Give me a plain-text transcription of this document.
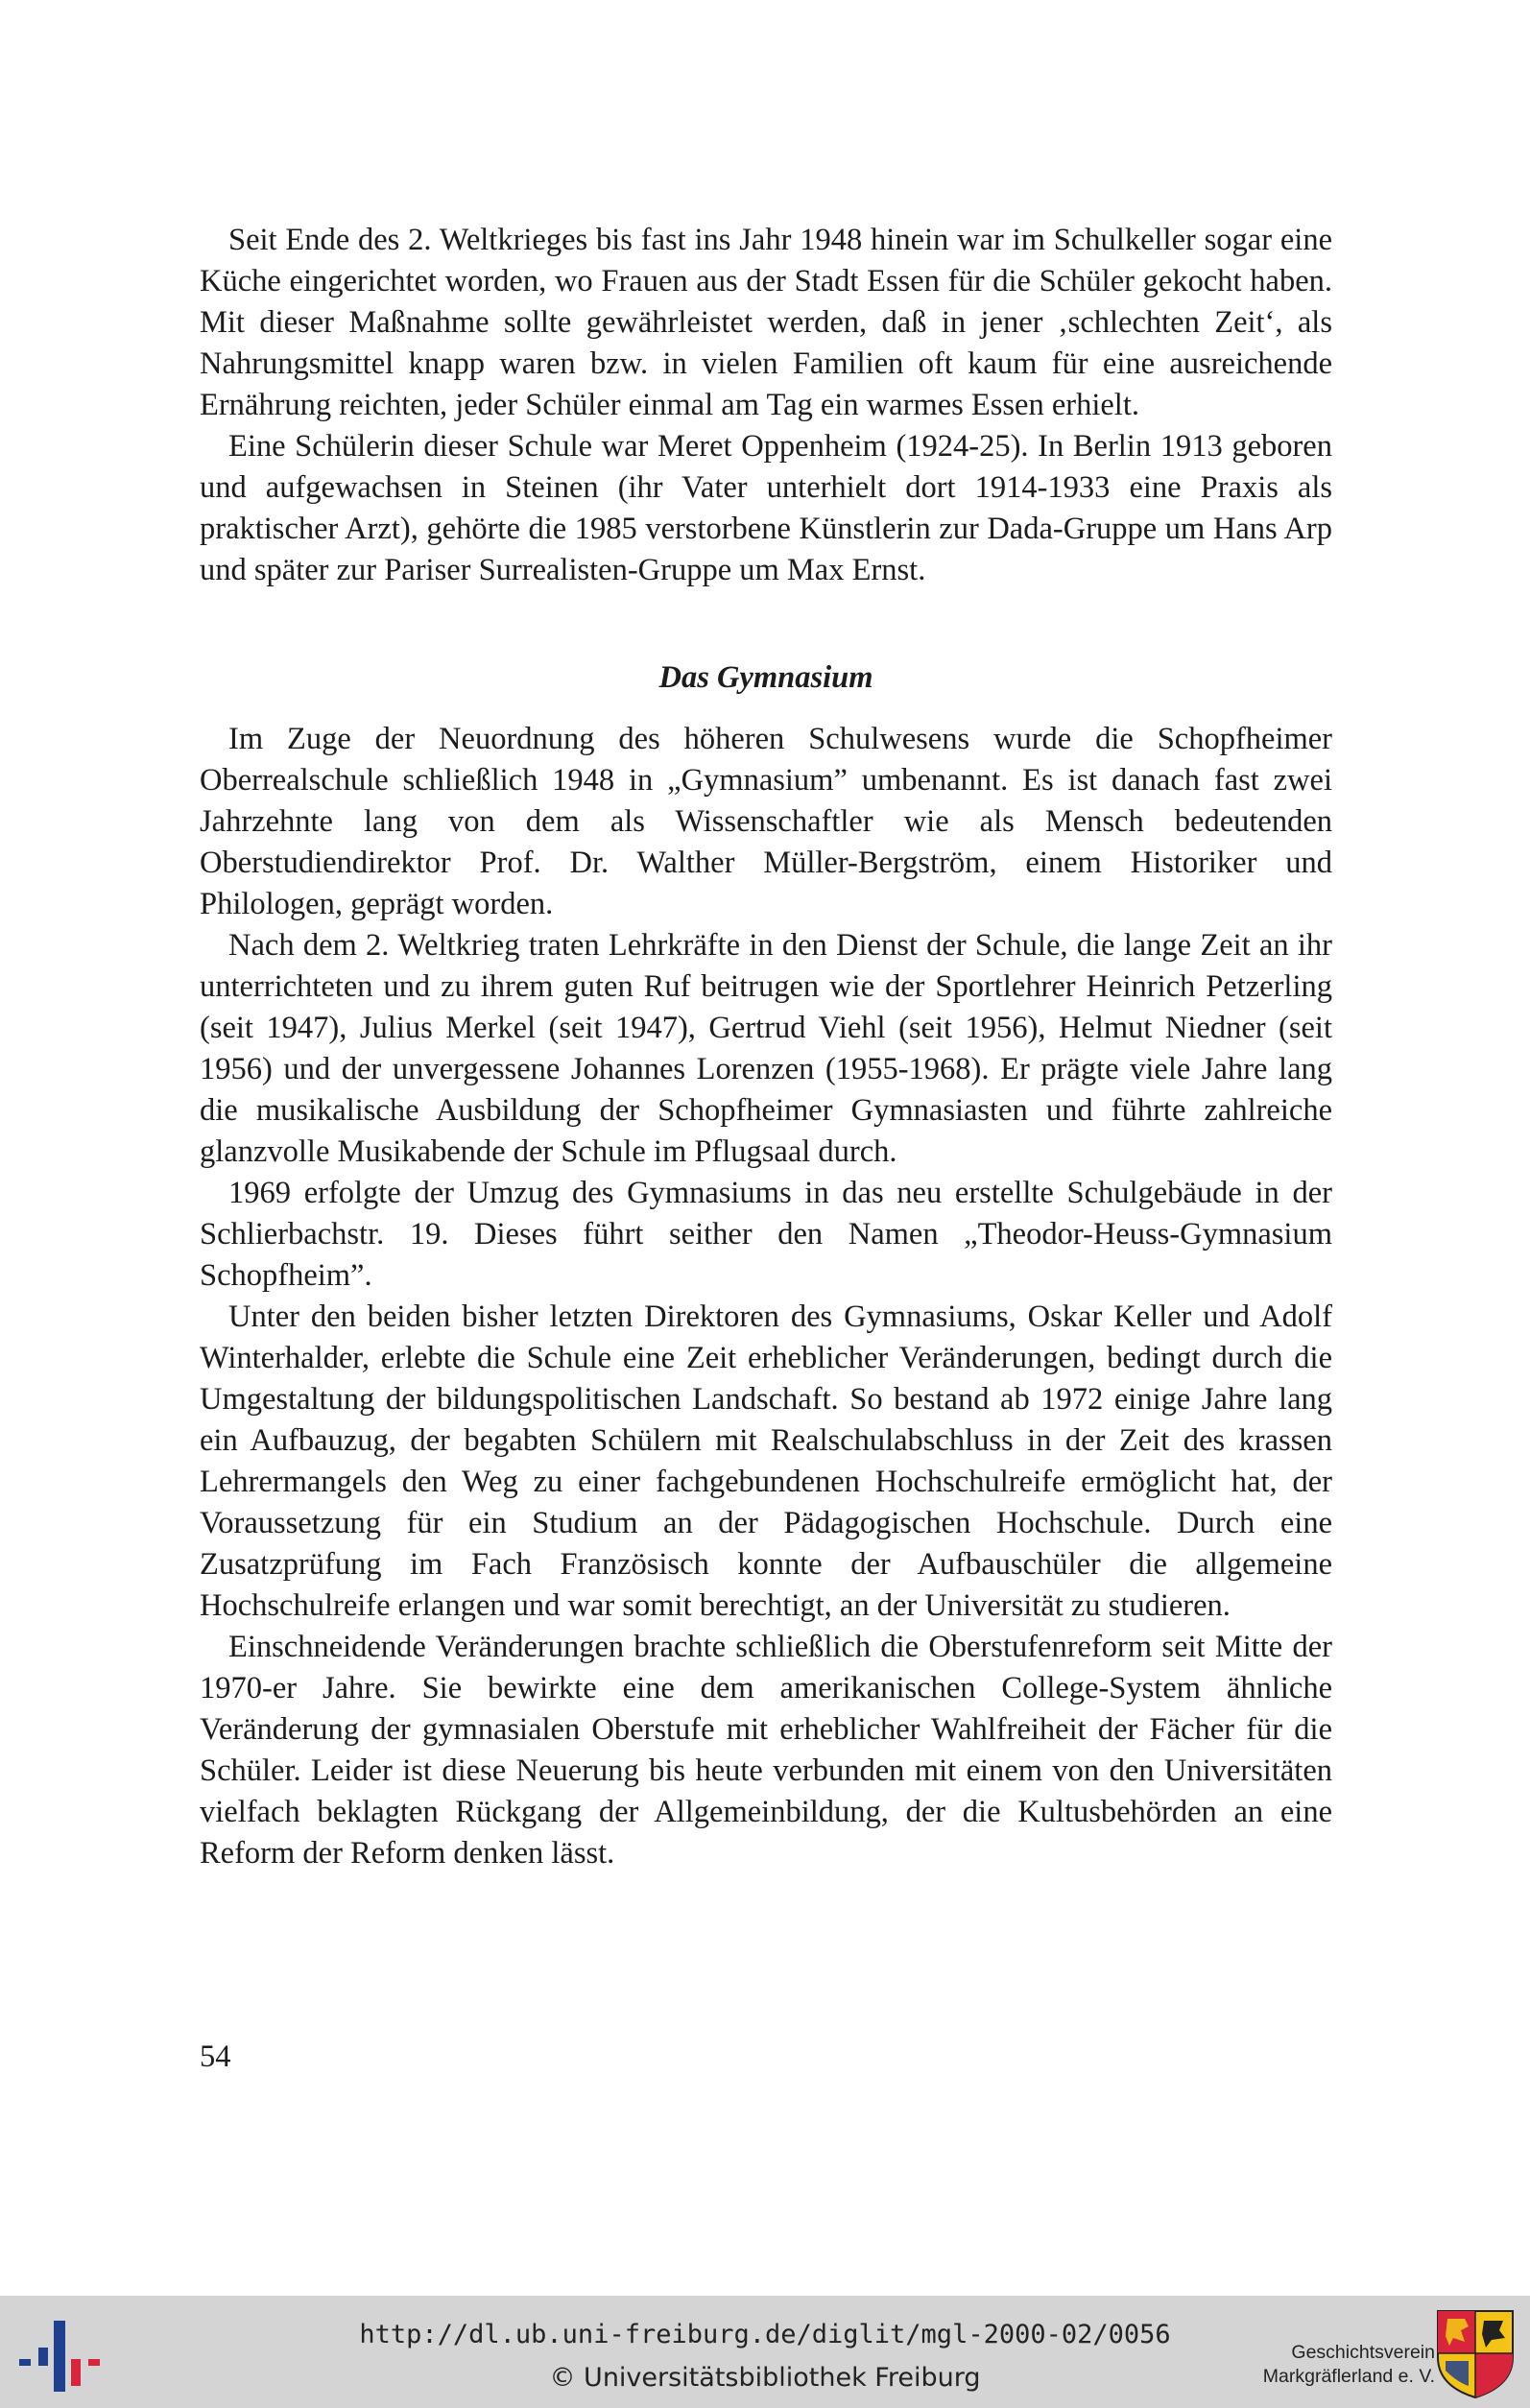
Seit Ende des 2. Weltkrieges bis fast ins Jahr 1948 hinein war im Schulkeller sogar eine Küche eingerichtet worden, wo Frauen aus der Stadt Essen für die Schüler gekocht haben. Mit dieser Maßnahme sollte gewährleistet werden, daß in jener ‚schlechten Zeit‘, als Nahrungsmittel knapp waren bzw. in vielen Familien oft kaum für eine ausreichende Ernährung reichten, jeder Schüler einmal am Tag ein warmes Essen erhielt.

Eine Schülerin dieser Schule war Meret Oppenheim (1924-25). In Berlin 1913 geboren und aufgewachsen in Steinen (ihr Vater unterhielt dort 1914-1933 eine Praxis als praktischer Arzt), gehörte die 1985 verstorbene Künstlerin zur Dada-Gruppe um Hans Arp und später zur Pariser Surrealisten-Gruppe um Max Ernst.

Das Gymnasium

Im Zuge der Neuordnung des höheren Schulwesens wurde die Schopfheimer Oberrealschule schließlich 1948 in „Gymnasium” umbenannt. Es ist danach fast zwei Jahrzehnte lang von dem als Wissenschaftler wie als Mensch bedeutenden Oberstudiendirektor Prof. Dr. Walther Müller-Bergström, einem Historiker und Philologen, geprägt worden.

Nach dem 2. Weltkrieg traten Lehrkräfte in den Dienst der Schule, die lange Zeit an ihr unterrichteten und zu ihrem guten Ruf beitrugen wie der Sportlehrer Heinrich Petzerling (seit 1947), Julius Merkel (seit 1947), Gertrud Viehl (seit 1956), Helmut Niedner (seit 1956) und der unvergessene Johannes Lorenzen (1955-1968). Er prägte viele Jahre lang die musikalische Ausbildung der Schopfheimer Gymnasiasten und führte zahlreiche glanzvolle Musikabende der Schule im Pflugsaal durch.

1969 erfolgte der Umzug des Gymnasiums in das neu erstellte Schulgebäude in der Schlierbachstr. 19. Dieses führt seither den Namen „Theodor-Heuss-Gymnasium Schopfheim”.

Unter den beiden bisher letzten Direktoren des Gymnasiums, Oskar Keller und Adolf Winterhalder, erlebte die Schule eine Zeit erheblicher Veränderungen, bedingt durch die Umgestaltung der bildungspolitischen Landschaft. So bestand ab 1972 einige Jahre lang ein Aufbauzug, der begabten Schülern mit Realschulabschluss in der Zeit des krassen Lehrermangels den Weg zu einer fachgebundenen Hochschulreife ermöglicht hat, der Voraussetzung für ein Studium an der Pädagogischen Hochschule. Durch eine Zusatzprüfung im Fach Französisch konnte der Aufbauschüler die allgemeine Hochschulreife erlangen und war somit berechtigt, an der Universität zu studieren.

Einschneidende Veränderungen brachte schließlich die Oberstufenreform seit Mitte der 1970-er Jahre. Sie bewirkte eine dem amerikanischen College-System ähnliche Veränderung der gymnasialen Oberstufe mit erheblicher Wahlfreiheit der Fächer für die Schüler. Leider ist diese Neuerung bis heute verbunden mit einem von den Universitäten vielfach beklagten Rückgang der Allgemeinbildung, der die Kultusbehörden an eine Reform der Reform denken lässt.

54
http://dl.ub.uni-freiburg.de/diglit/mgl-2000-02/0056
© Universitätsbibliothek Freiburg
Geschichtsverein
Markgräflerland e. V.
